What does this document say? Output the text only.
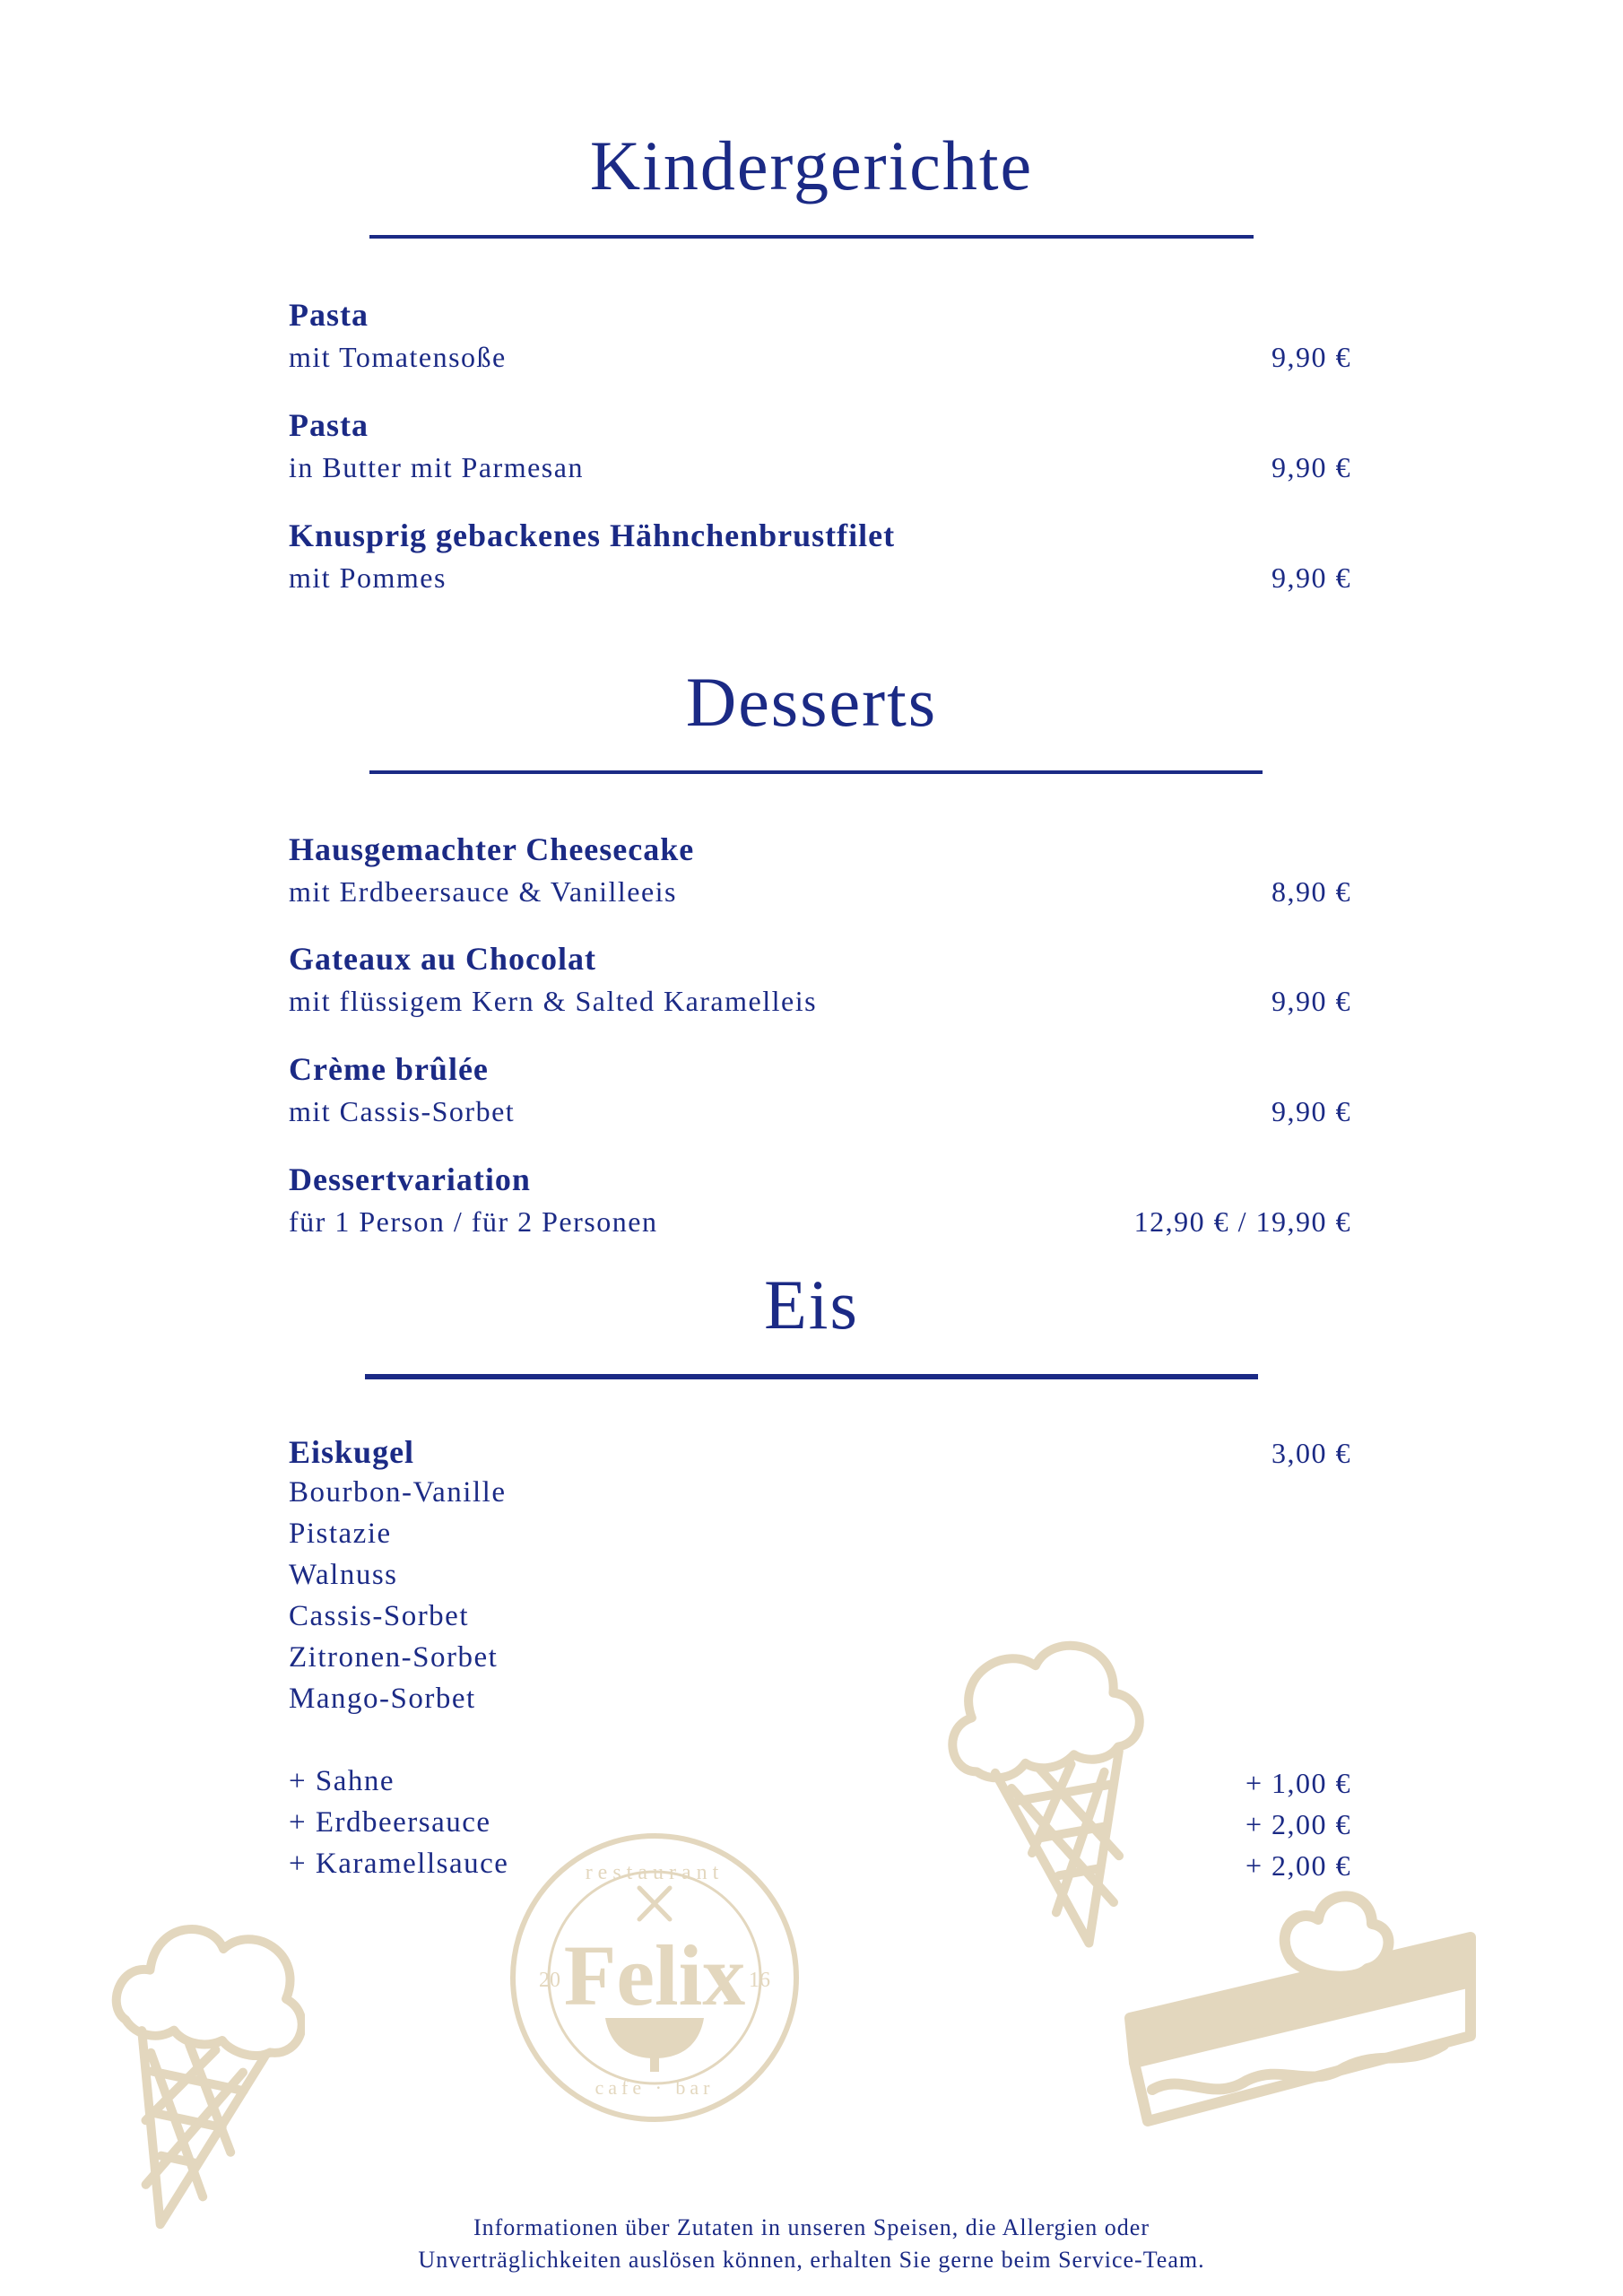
Kindergerichte
Pasta
mit Tomatensoße	9,90 €
Pasta
in Butter mit Parmesan	9,90 €
Knusprig gebackenes Hähnchenbrustfilet
mit Pommes	9,90 €
Desserts
Hausgemachter Cheesecake
mit Erdbeersauce & Vanilleeis	8,90 €
Gateaux au Chocolat
mit flüssigem Kern & Salted Karamelleis	9,90 €
Crème brûlée
mit Cassis-Sorbet	9,90 €
Dessertvariation
für 1 Person / für 2 Personen	12,90 € / 19,90 €
Eis
Eiskugel	3,00 €
Bourbon-Vanille
Pistazie
Walnuss
Cassis-Sorbet
Zitronen-Sorbet
Mango-Sorbet
+ Sahne	+ 1,00 €
+ Erdbeersauce	+ 2,00 €
+ Karamellsauce	+ 2,00 €
restaurant
Felix
20	16
cafe · bar
Informationen über Zutaten in unseren Speisen, die Allergien oder
Unverträglichkeiten auslösen können, erhalten Sie gerne beim Service-Team.
